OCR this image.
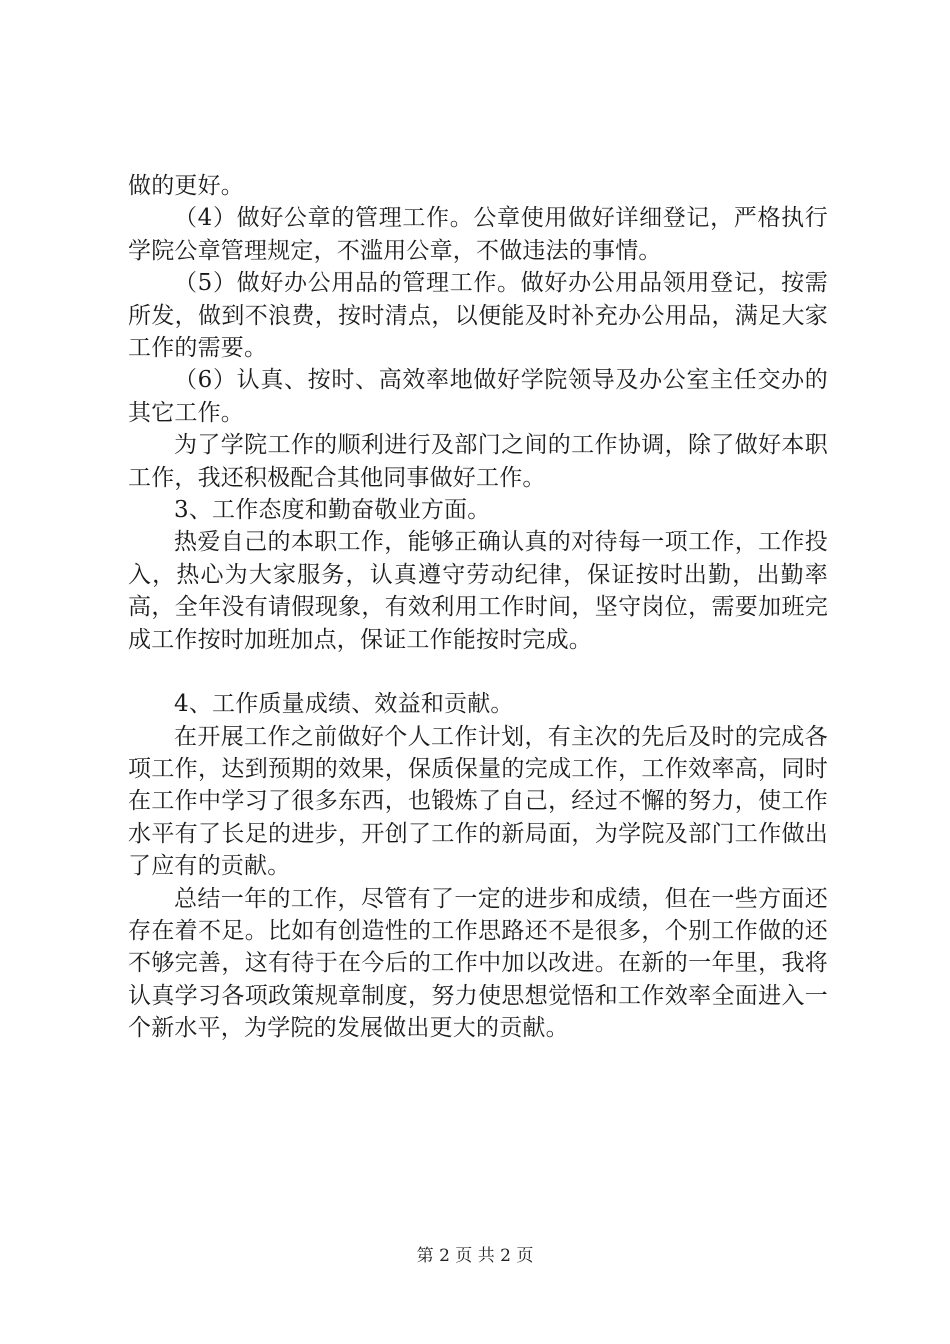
做的更好。

（4）做好公章的管理工作。公章使用做好详细登记，严格执行学院公章管理规定，不滥用公章，不做违法的事情。

（5）做好办公用品的管理工作。做好办公用品领用登记，按需所发，做到不浪费，按时清点，以便能及时补充办公用品，满足大家工作的需要。

（6）认真、按时、高效率地做好学院领导及办公室主任交办的其它工作。

为了学院工作的顺利进行及部门之间的工作协调，除了做好本职工作，我还积极配合其他同事做好工作。

3、工作态度和勤奋敬业方面。

热爱自己的本职工作，能够正确认真的对待每一项工作，工作投入，热心为大家服务，认真遵守劳动纪律，保证按时出勤，出勤率高，全年没有请假现象，有效利用工作时间，坚守岗位，需要加班完成工作按时加班加点，保证工作能按时完成。

4、工作质量成绩、效益和贡献。

在开展工作之前做好个人工作计划，有主次的先后及时的完成各项工作，达到预期的效果，保质保量的完成工作，工作效率高，同时在工作中学习了很多东西，也锻炼了自己，经过不懈的努力，使工作水平有了长足的进步，开创了工作的新局面，为学院及部门工作做出了应有的贡献。

总结一年的工作，尽管有了一定的进步和成绩，但在一些方面还存在着不足。比如有创造性的工作思路还不是很多，个别工作做的还不够完善，这有待于在今后的工作中加以改进。在新的一年里，我将认真学习各项政策规章制度，努力使思想觉悟和工作效率全面进入一个新水平，为学院的发展做出更大的贡献。

第 2 页 共 2 页
